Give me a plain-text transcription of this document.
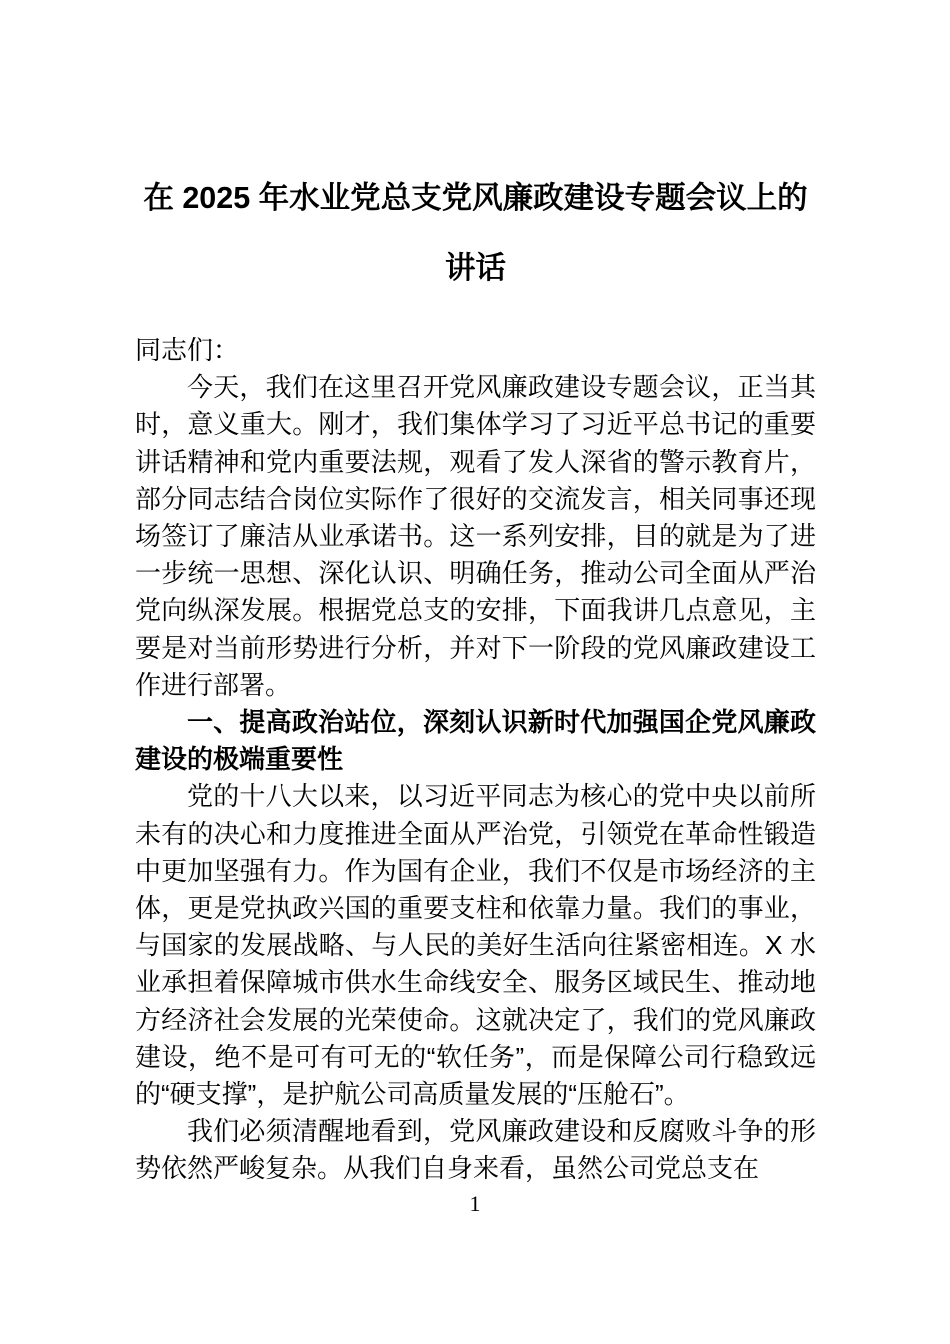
在 2025 年水业党总支党风廉政建设专题会议上的讲话

同志们：

今天，我们在这里召开党风廉政建设专题会议，正当其时，意义重大。刚才，我们集体学习了习近平总书记的重要讲话精神和党内重要法规，观看了发人深省的警示教育片，部分同志结合岗位实际作了很好的交流发言，相关同事还现场签订了廉洁从业承诺书。这一系列安排，目的就是为了进一步统一思想、深化认识、明确任务，推动公司全面从严治党向纵深发展。根据党总支的安排，下面我讲几点意见，主要是对当前形势进行分析，并对下一阶段的党风廉政建设工作进行部署。

一、提高政治站位，深刻认识新时代加强国企党风廉政建设的极端重要性

党的十八大以来，以习近平同志为核心的党中央以前所未有的决心和力度推进全面从严治党，引领党在革命性锻造中更加坚强有力。作为国有企业，我们不仅是市场经济的主体，更是党执政兴国的重要支柱和依靠力量。我们的事业，与国家的发展战略、与人民的美好生活向往紧密相连。X 水业承担着保障城市供水生命线安全、服务区域民生、推动地方经济社会发展的光荣使命。这就决定了，我们的党风廉政建设，绝不是可有可无的“软任务”，而是保障公司行稳致远的“硬支撑”，是护航公司高质量发展的“压舱石”。

我们必须清醒地看到，党风廉政建设和反腐败斗争的形势依然严峻复杂。从我们自身来看，虽然公司党总支在

1
